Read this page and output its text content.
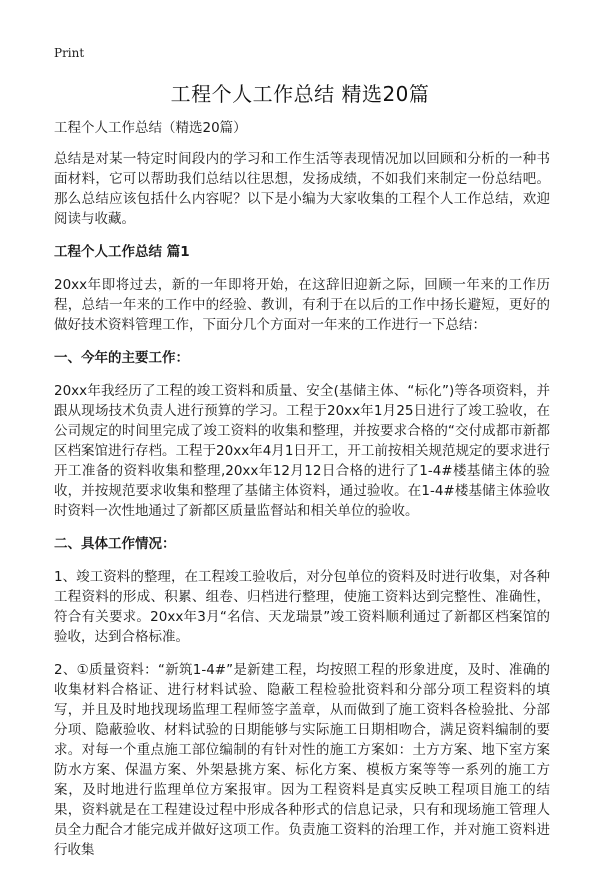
Print
工程个人工作总结 精选20篇

工程个人工作总结（精选20篇）

总结是对某一特定时间段内的学习和工作生活等表现情况加以回顾和分析的一种书面材料，它可以帮助我们总结以往思想，发扬成绩，不如我们来制定一份总结吧。那么总结应该包括什么内容呢？以下是小编为大家收集的工程个人工作总结，欢迎阅读与收藏。

工程个人工作总结 篇1

20xx年即将过去，新的一年即将开始，在这辞旧迎新之际，回顾一年来的工作历程，总结一年来的工作中的经验、教训，有利于在以后的工作中扬长避短，更好的做好技术资料管理工作，下面分几个方面对一年来的工作进行一下总结：

一、今年的主要工作：

20xx年我经历了工程的竣工资料和质量、安全(基储主体、“标化”)等各项资料，并跟从现场技术负责人进行预算的学习。工程于20xx年1月25日进行了竣工验收，在公司规定的时间里完成了竣工资料的收集和整理，并按要求合格的“交付成都市新都区档案馆进行存档。工程于20xx年4月1日开工，开工前按相关规范规定的要求进行开工准备的资料收集和整理,20xx年12月12日合格的进行了1-4#楼基储主体的验收，并按规范要求收集和整理了基储主体资料，通过验收。在1-4#楼基储主体验收时资料一次性地通过了新都区质量监督站和相关单位的验收。

二、具体工作情况：

1、竣工资料的整理，在工程竣工验收后，对分包单位的资料及时进行收集，对各种工程资料的形成、积累、组卷、归档进行整理，使施工资料达到完整性、准确性，符合有关要求。20xx年3月“名信、天龙瑞景”竣工资料顺利通过了新都区档案馆的验收，达到合格标准。

2、①质量资料：“新筑1-4#”是新建工程，均按照工程的形象进度，及时、准确的收集材料合格证、进行材料试验、隐蔽工程检验批资料和分部分项工程资料的填写，并且及时地找现场监理工程师签字盖章，从而做到了施工资料各检验批、分部分项、隐蔽验收、材料试验的日期能够与实际施工日期相吻合，满足资料编制的要求。对每一个重点施工部位编制的有针对性的施工方案如：土方方案、地下室方案防水方案、保温方案、外架悬挑方案、标化方案、模板方案等等一系列的施工方案，及时地进行监理单位方案报审。因为工程资料是真实反映工程项目施工的结果，资料就是在工程建设过程中形成各种形式的信息记录，只有和现场施工管理人员全力配合才能完成并做好这项工作。负责施工资料的治理工作，并对施工资料进行收集
